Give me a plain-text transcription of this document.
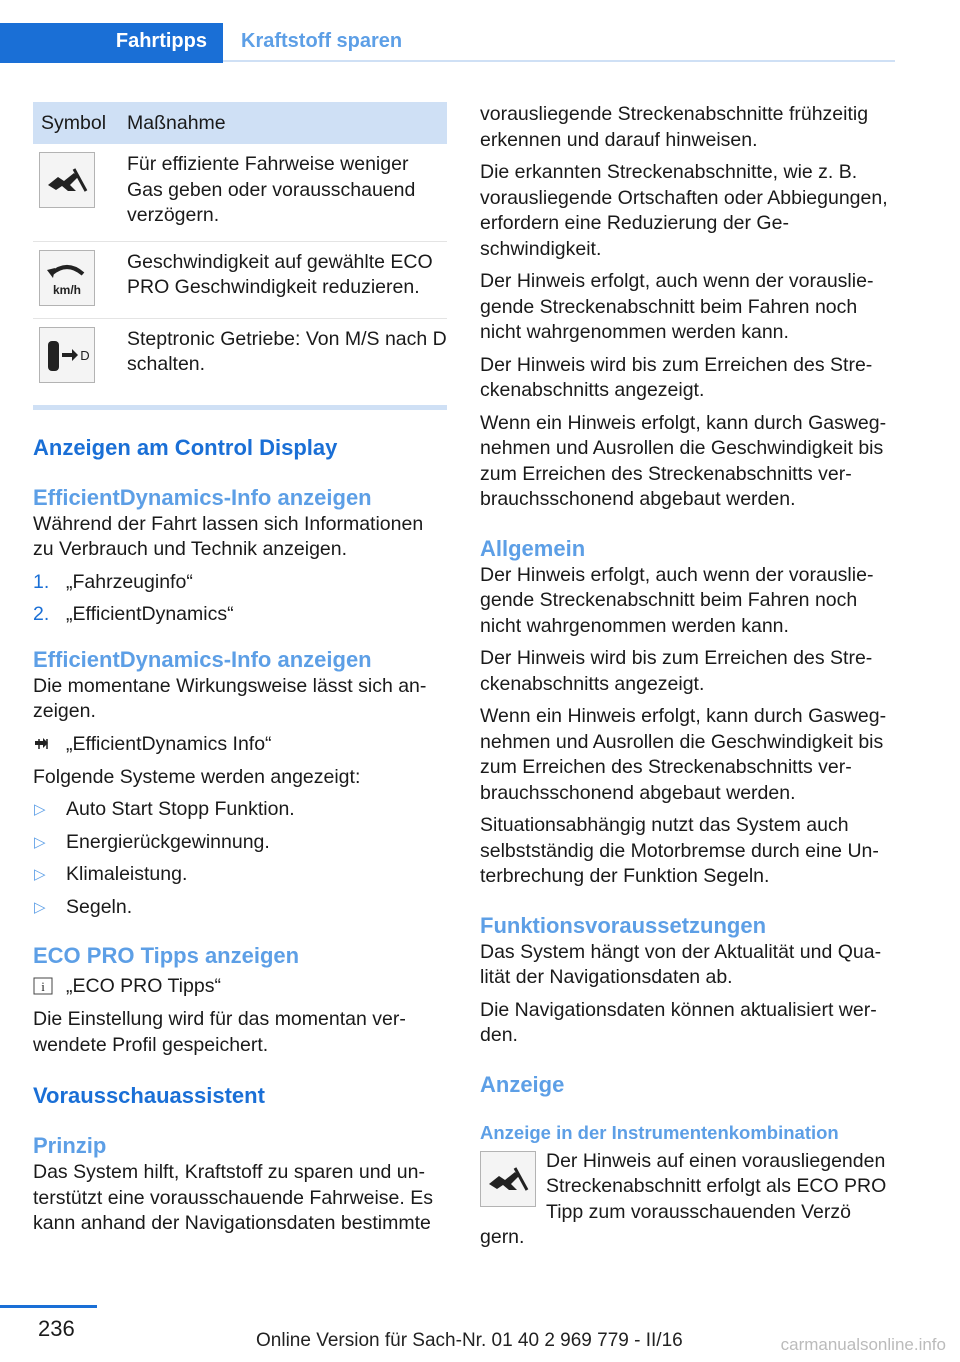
Fahrtipps	Kraftstoff sparen
Symbol	Maßnahme

	Für effiziente Fahrweise weniger Gas geben oder vorausschauend verzögern.

km/h	Geschwindigkeit auf gewählte ECO PRO Geschwindigkeit reduzieren.

D	Steptronic Getriebe: Von M/S nach D schalten.
Anzeigen am Control Display
EfficientDynamics-Info anzeigen

Während der Fahrt lassen sich Informationen zu Verbrauch und Technik anzeigen.

1. „Fahrzeuginfo“
2. „EfficientDynamics“
EfficientDynamics-Info anzeigen

Die momentane Wirkungsweise lässt sich anzeigen.

„EfficientDynamics Info“

Folgende Systeme werden angezeigt:

▷ Auto Start Stopp Funktion.
▷ Energierückgewinnung.
▷ Klimaleistung.
▷ Segeln.
ECO PRO Tipps anzeigen
i „ECO PRO Tipps“

Die Einstellung wird für das momentan verwendete Profil gespeichert.

Vorausschauassistent
Prinzip

Das System hilft, Kraftstoff zu sparen und unterstützt eine vorausschauende Fahrweise. Es kann anhand der Navigationsdaten bestimmte

vorausliegende Streckenabschnitte frühzeitig erkennen und darauf hinweisen.

Die erkannten Streckenabschnitte, wie z. B. vorausliegende Ortschaften oder Abbiegungen, erfordern eine Reduzierung der Geschwindigkeit.

Der Hinweis erfolgt, auch wenn der vorausliegende Streckenabschnitt beim Fahren noch nicht wahrgenommen werden kann.

Der Hinweis wird bis zum Erreichen des Streckenabschnitts angezeigt.

Wenn ein Hinweis erfolgt, kann durch Gaswegnehmen und Ausrollen die Geschwindigkeit bis zum Erreichen des Streckenabschnitts verbrauchsschonend abgebaut werden.

Allgemein

Der Hinweis erfolgt, auch wenn der vorausliegende Streckenabschnitt beim Fahren noch nicht wahrgenommen werden kann.

Der Hinweis wird bis zum Erreichen des Streckenabschnitts angezeigt.

Wenn ein Hinweis erfolgt, kann durch Gaswegnehmen und Ausrollen die Geschwindigkeit bis zum Erreichen des Streckenabschnitts verbrauchsschonend abgebaut werden.

Situationsabhängig nutzt das System auch selbstständig die Motorbremse durch eine Unterbrechung der Funktion Segeln.

Funktionsvoraussetzungen

Das System hängt von der Aktualität und Qualität der Navigationsdaten ab.

Die Navigationsdaten können aktualisiert werden.

Anzeige
Anzeige in der Instrumentenkombination

Der Hinweis auf einen vorausliegenden Streckenabschnitt erfolgt als ECO PRO Tipp zum vorausschauenden Verzö

gern.

236	Online Version für Sach-Nr. 01 40 2 969 779 - II/16	carmanualsonline.info
